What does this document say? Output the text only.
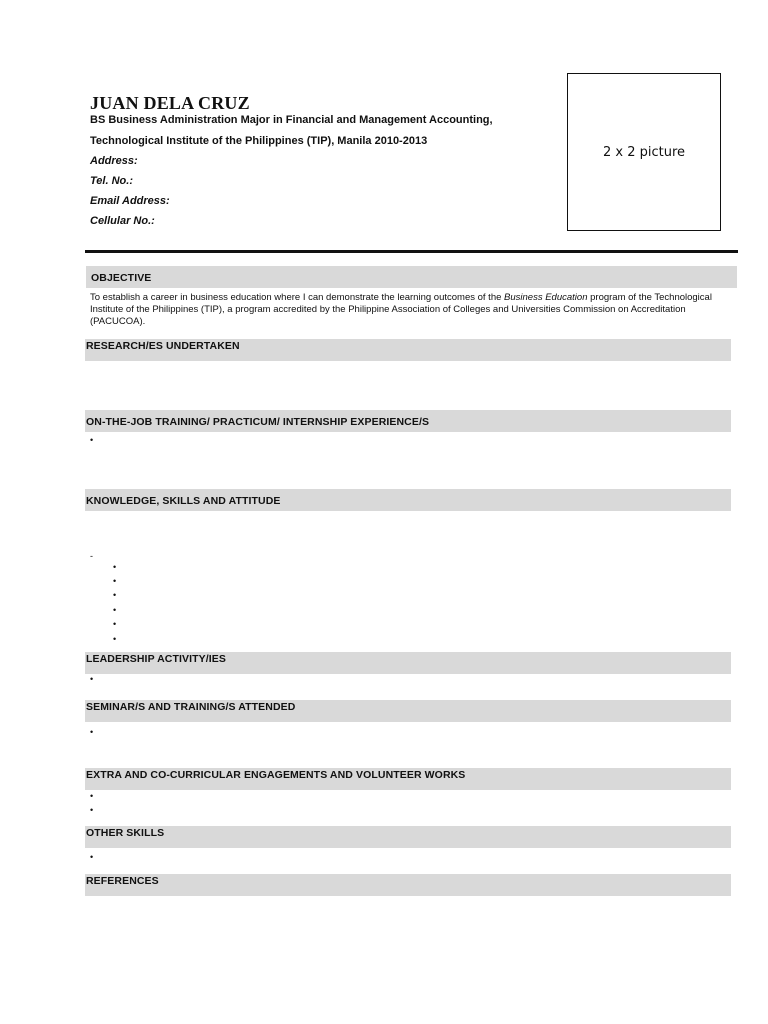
JUAN DELA CRUZ
BS Business Administration Major in Financial and Management Accounting,
Technological Institute of the Philippines (TIP), Manila 2010-2013
Address:
Tel. No.:
Email Address:
Cellular No.:
2 x 2 picture
OBJECTIVE
To establish a career in business education where I can demonstrate the learning outcomes of the Business Education program of the Technological Institute of the Philippines (TIP), a program accredited by the Philippine Association of Colleges and Universities Commission on Accreditation (PACUCOA).
RESEARCH/ES UNDERTAKEN
ON-THE-JOB TRAINING/ PRACTICUM/ INTERNSHIP EXPERIENCE/S
•
KNOWLEDGE, SKILLS AND ATTITUDE
-
•
•
•
•
•
•
LEADERSHIP ACTIVITY/IES
•
SEMINAR/S AND TRAINING/S ATTENDED
•
EXTRA AND CO-CURRICULAR ENGAGEMENTS AND VOLUNTEER WORKS
•
•
OTHER SKILLS
•
REFERENCES
